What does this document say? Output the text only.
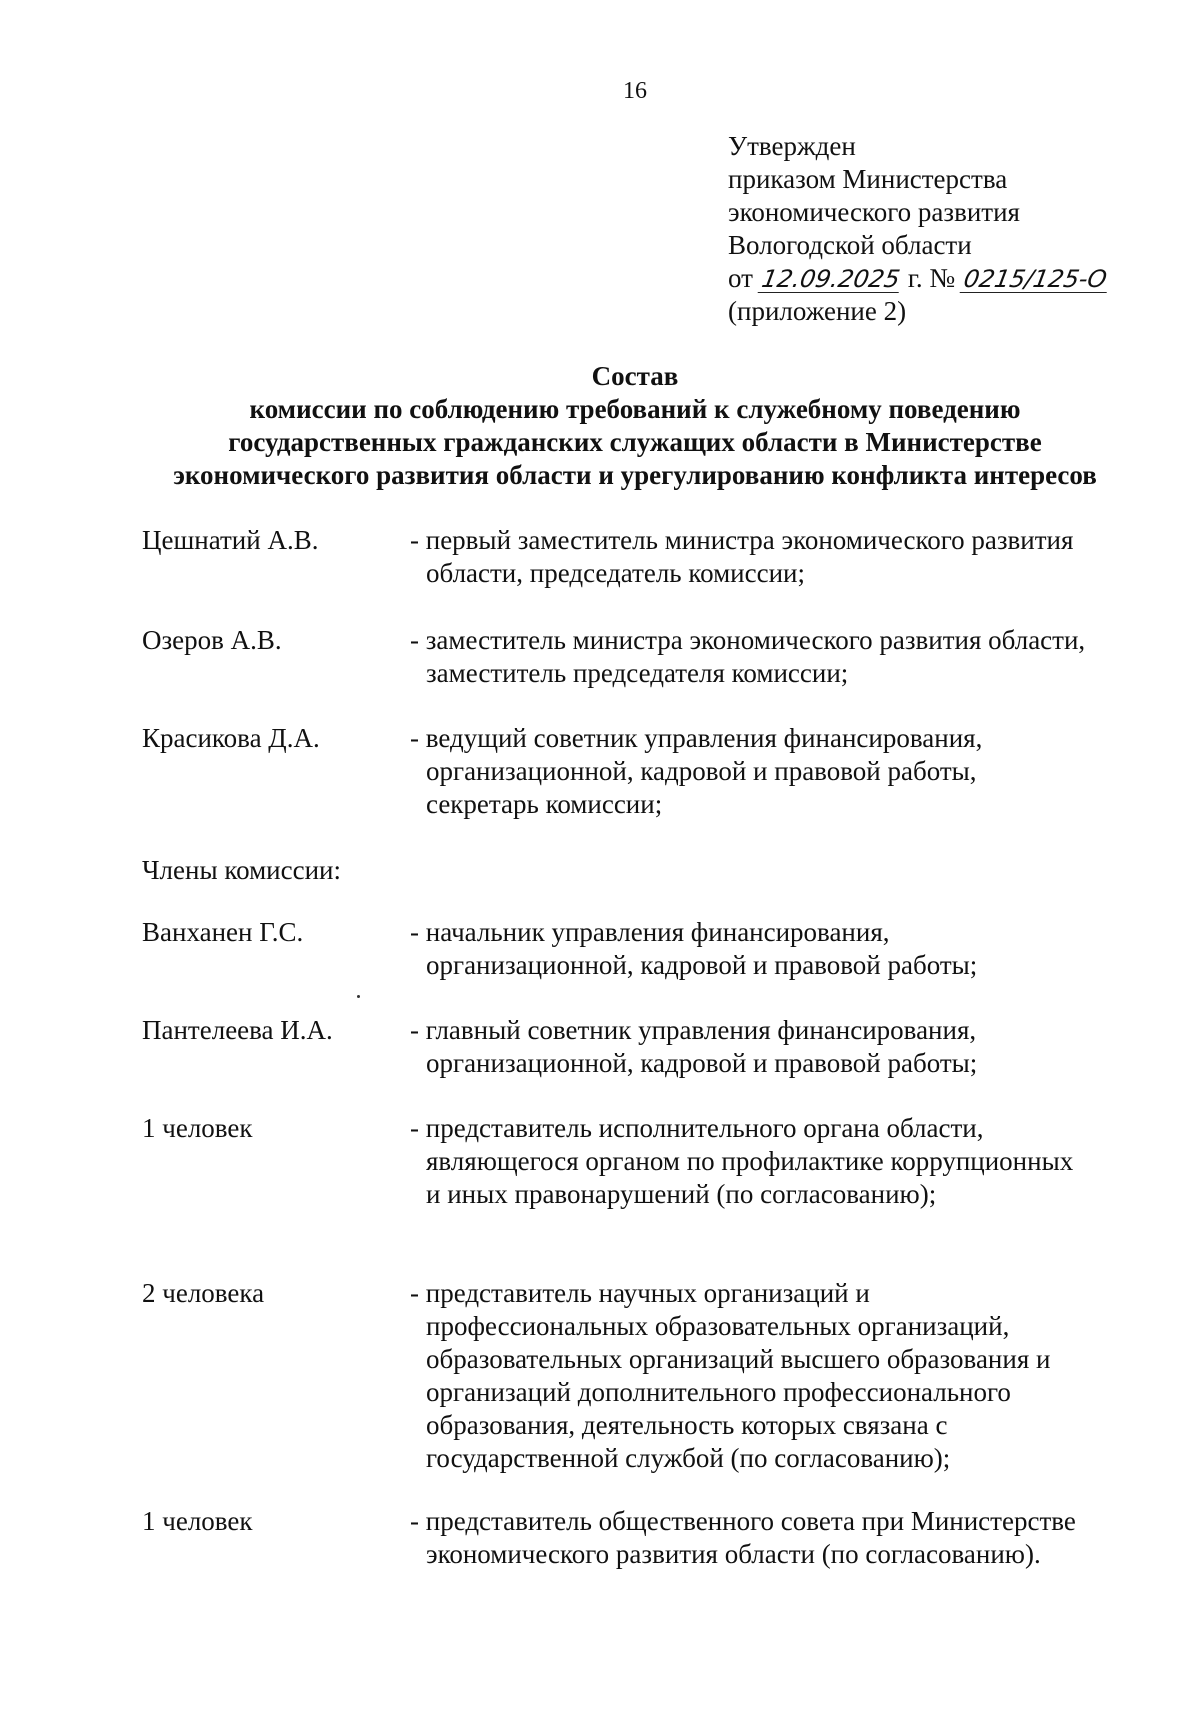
16
Утвержден
приказом Министерства
экономического развития
Вологодской области
от 12.09.2025 г. № 0215/125-О
(приложение 2)
Состав
комиссии по соблюдению требований к служебному поведению
государственных гражданских служащих области в Министерстве
экономического развития области и урегулированию конфликта интересов
Цешнатий А.В.	- первый заместитель министра экономического развития области, председатель комиссии;
Озеров А.В.	- заместитель министра экономического развития области, заместитель председателя комиссии;
Красикова Д.А.	- ведущий советник управления финансирования, организационной, кадровой и правовой работы, секретарь комиссии;
Члены комиссии:
Ванханен Г.С.	- начальник управления финансирования, организационной, кадровой и правовой работы;
Пантелеева И.А.	- главный советник управления финансирования, организационной, кадровой и правовой работы;
1 человек	- представитель исполнительного органа области, являющегося органом по профилактике коррупционных и иных правонарушений (по согласованию);
2 человека	- представитель научных организаций и профессиональных образовательных организаций, образовательных организаций высшего образования и организаций дополнительного профессионального образования, деятельность которых связана с государственной службой (по согласованию);
1 человек	- представитель общественного совета при Министерстве экономического развития области (по согласованию).
